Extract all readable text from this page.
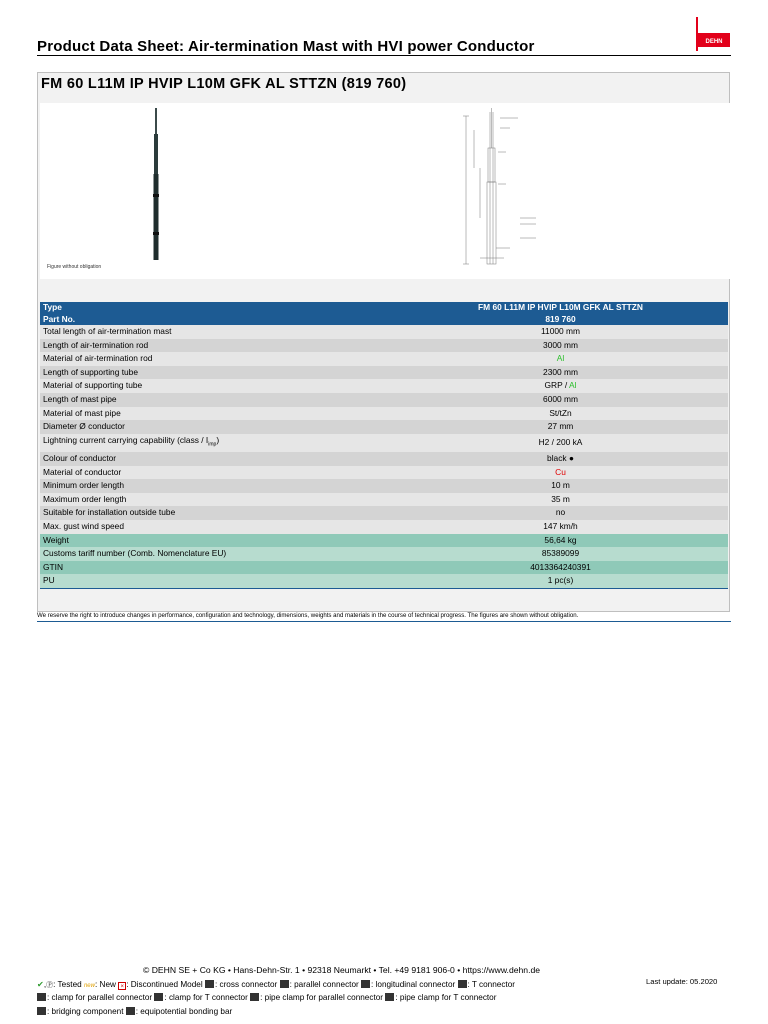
Product Data Sheet: Air-termination Mast with HVI power Conductor	DEHN
FM 60 L11M IP HVIP L10M GFK AL STTZN (819 760)
Figure without obligation
Type	FM 60 L11M IP HVIP L10M GFK AL STTZN
Part No.	819 760
Total length of air-termination mast	11000 mm
Length of air-termination rod	3000 mm
Material of air-termination rod	Al
Length of supporting tube	2300 mm
Material of supporting tube	GRP / Al
Length of mast pipe	6000 mm
Material of mast pipe	St/tZn
Diameter Ø conductor	27 mm
Lightning current carrying capability (class / $I_{imp}$)	H2 / 200 kA
Colour of conductor	black ●
Material of conductor	Cu
Minimum order length	10 m
Maximum order length	35 m
Suitable for installation outside tube	no
Max. gust wind speed	147 km/h
Weight	56,64 kg
Customs tariff number (Comb. Nomenclature EU)	85389099
GTIN	4013364240391
PU	1 pc(s)
We reserve the right to introduce changes in performance, configuration and technology, dimensions, weights and materials in the course of technical progress. The figures are shown without obligation.
© DEHN SE + Co KG • Hans-Dehn-Str. 1 • 92318 Neumarkt • Tel. +49 9181 906-0 • https://www.dehn.de
Last update: 05.2020
✔,Ⓟ: Tested new: New × : Discontinued Model : cross connector : parallel connector : longitudinal connector : T connector
: clamp for parallel connector : clamp for T connector : pipe clamp for parallel connector : pipe clamp for T connector
: bridging component : equipotential bonding bar
